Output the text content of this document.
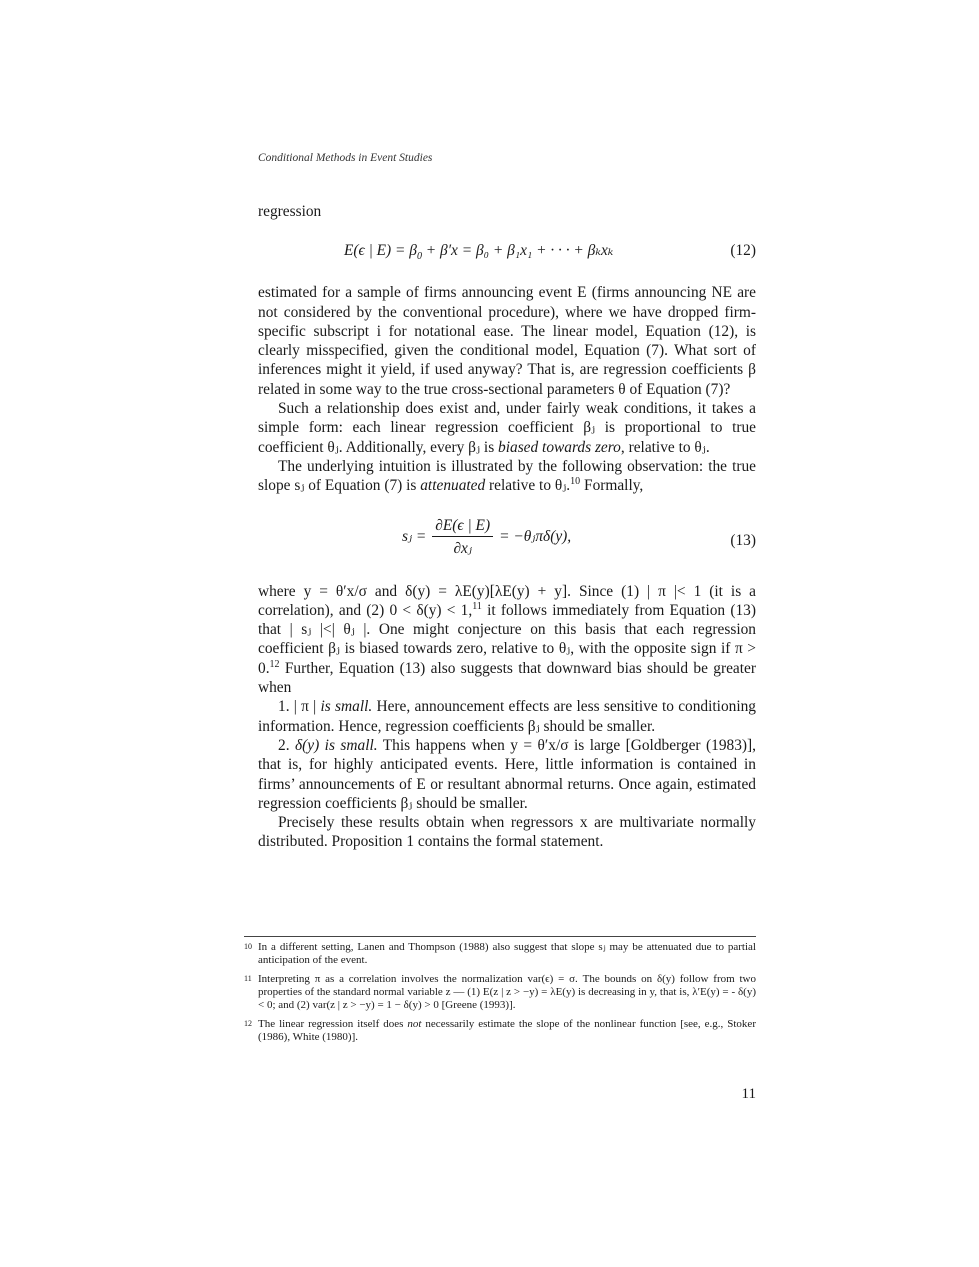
Conditional Methods in Event Studies

regression

E(ϵ | $E) = \beta_0 + \beta'x = \beta_0 + \beta_1x_1$ + · · · + βₖxₖ	(12)

estimated for a sample of firms announcing event E (firms announcing NE are not considered by the conventional procedure), where we have dropped firm-specific subscript i for notational ease. The linear model, Equation (12), is clearly misspecified, given the conditional model, Equation (7). What sort of inferences might it yield, if used anyway? That is, are regression coefficients β related in some way to the true cross-sectional parameters θ of Equation (7)?

Such a relationship does exist and, under fairly weak conditions, it takes a simple form: each linear regression coefficient βⱼ is proportional to true coefficient θⱼ. Additionally, every βⱼ is biased towards zero, relative to θⱼ.

The underlying intuition is illustrated by the following observation: the true slope sⱼ of Equation (7) is attenuated relative to θⱼ.$^{10}$ Formally,

sⱼ = $\frac{\partial E(\epsilon | E)}{\text{∂xⱼ}}$ = −θⱼπδ(y),	(13)

where y = θ′x/σ and δ(y) = λE(y)[λE(y) + y]. Since (1) | π |< 1 (it is a correlation), and (2) 0 < δ(y) < 1,11 it follows immediately from Equation (13) that | sⱼ |<| θⱼ |. One might conjecture on this basis that each regression coefficient βⱼ is biased towards zero, relative to θⱼ, with the opposite sign if π > 0.12 Further, Equation (13) also suggests that downward bias should be greater when

1. | π | is small. Here, announcement effects are less sensitive to conditioning information. Hence, regression coefficients βⱼ should be smaller.

2. δ(y) is small. This happens when y = θ′x/σ is large [Goldberger (1983)], that is, for highly anticipated events. Here, little information is contained in firms’ announcements of E or resultant abnormal returns. Once again, estimated regression coefficients βⱼ should be smaller.

Precisely these results obtain when regressors x are multivariate normally distributed. Proposition 1 contains the formal statement.

10 In a different setting, Lanen and Thompson (1988) also suggest that slope sⱼ may be attenuated due to partial anticipation of the event.
11 Interpreting π as a correlation involves the normalization var(ϵ) = σ. The bounds on δ(y) follow from two properties of the standard normal variable z — (1) E(z | z > −y) = λE(y) is decreasing in y, that is, λ′E(y) = - δ(y) < 0; and (2) var(z | z > −y) = 1 − δ(y) > 0 [Greene (1993)].
12 The linear regression itself does not necessarily estimate the slope of the nonlinear function [see, e.g., Stoker (1986), White (1980)].
11
